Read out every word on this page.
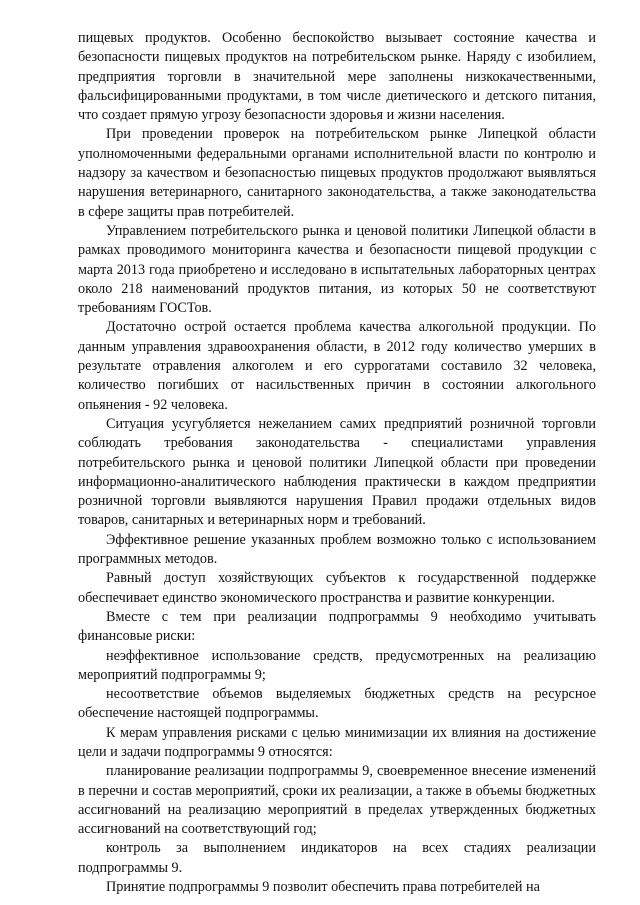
пищевых продуктов. Особенно беспокойство вызывает состояние качества и безопасности пищевых продуктов на потребительском рынке. Наряду с изобилием, предприятия торговли в значительной мере заполнены низкокачественными, фальсифицированными продуктами, в том числе диетического и детского питания, что создает прямую угрозу безопасности здоровья и жизни населения.

При проведении проверок на потребительском рынке Липецкой области уполномоченными федеральными органами исполнительной власти по контролю и надзору за качеством и безопасностью пищевых продуктов продолжают выявляться нарушения ветеринарного, санитарного законодательства, а также законодательства в сфере защиты прав потребителей.

Управлением потребительского рынка и ценовой политики Липецкой области в рамках проводимого мониторинга качества и безопасности пищевой продукции с марта 2013 года приобретено и исследовано в испытательных лабораторных центрах около 218 наименований продуктов питания, из которых 50 не соответствуют требованиям ГОСТов.

Достаточно острой остается проблема качества алкогольной продукции. По данным управления здравоохранения области, в 2012 году количество умерших в результате отравления алкоголем и его суррогатами составило 32 человека, количество погибших от насильственных причин в состоянии алкогольного опьянения - 92 человека.

Ситуация усугубляется нежеланием самих предприятий розничной торговли соблюдать требования законодательства - специалистами управления потребительского рынка и ценовой политики Липецкой области при проведении информационно-аналитического наблюдения практически в каждом предприятии розничной торговли выявляются нарушения Правил продажи отдельных видов товаров, санитарных и ветеринарных норм и требований.

Эффективное решение указанных проблем возможно только с использованием программных методов.

Равный доступ хозяйствующих субъектов к государственной поддержке обеспечивает единство экономического пространства и развитие конкуренции.

Вместе с тем при реализации подпрограммы 9 необходимо учитывать финансовые риски:

неэффективное использование средств, предусмотренных на реализацию мероприятий подпрограммы 9;

несоответствие объемов выделяемых бюджетных средств на ресурсное обеспечение настоящей подпрограммы.

К мерам управления рисками с целью минимизации их влияния на достижение цели и задачи подпрограммы 9 относятся:

планирование реализации подпрограммы 9, своевременное внесение изменений в перечни и состав мероприятий, сроки их реализации, а также в объемы бюджетных ассигнований на реализацию мероприятий в пределах утвержденных бюджетных ассигнований на соответствующий год;

контроль за выполнением индикаторов на всех стадиях реализации подпрограммы 9.

Принятие подпрограммы 9 позволит обеспечить права потребителей на
